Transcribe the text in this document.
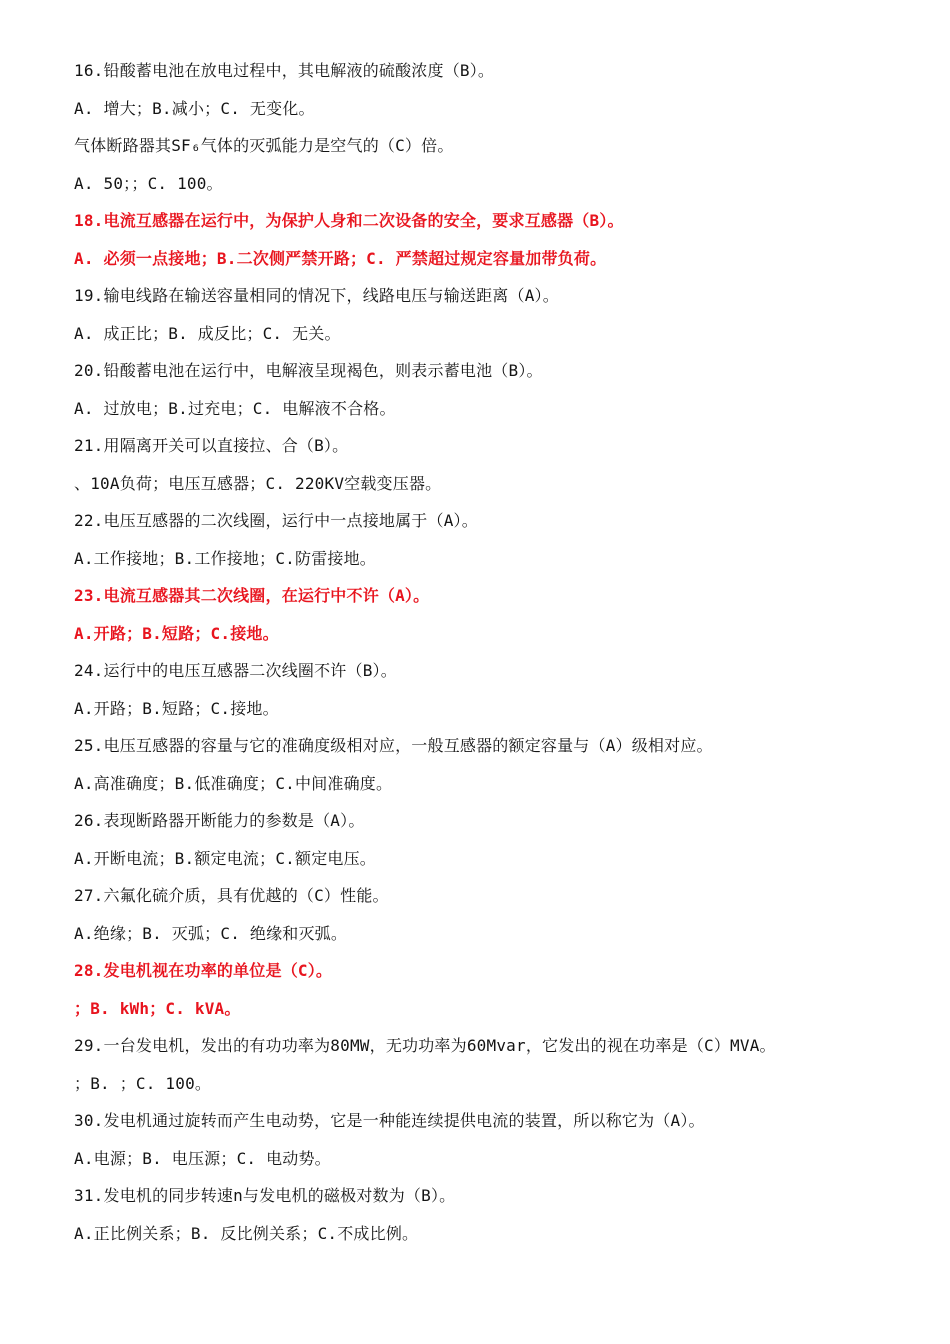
16.铅酸蓄电池在放电过程中，其电解液的硫酸浓度（B）。
A. 增大；B.减小；C. 无变化。
气体断路器其SF₆气体的灭弧能力是空气的（C）倍。
A. 50；；C. 100。
18.电流互感器在运行中，为保护人身和二次设备的安全，要求互感器（B）。
A. 必须一点接地；B.二次侧严禁开路；C. 严禁超过规定容量加带负荷。
19.输电线路在输送容量相同的情况下，线路电压与输送距离（A）。
A. 成正比；B. 成反比；C. 无关。
20.铅酸蓄电池在运行中，电解液呈现褐色，则表示蓄电池（B）。
A. 过放电；B.过充电；C. 电解液不合格。
21.用隔离开关可以直接拉、合（B）。
、10A负荷；电压互感器；C. 220KV空载变压器。
22.电压互感器的二次线圈，运行中一点接地属于（A）。
A.工作接地；B.工作接地；C.防雷接地。
23.电流互感器其二次线圈，在运行中不许（A）。
A.开路；B.短路；C.接地。
24.运行中的电压互感器二次线圈不许（B）。
A.开路；B.短路；C.接地。
25.电压互感器的容量与它的准确度级相对应，一般互感器的额定容量与（A）级相对应。
A.高准确度；B.低准确度；C.中间准确度。
26.表现断路器开断能力的参数是（A）。
A.开断电流；B.额定电流；C.额定电压。
27.六氟化硫介质，具有优越的（C）性能。
A.绝缘；B. 灭弧；C. 绝缘和灭弧。
28.发电机视在功率的单位是（C）。
；B. kWh；C. kVA。
29.一台发电机，发出的有功功率为80MW，无功功率为60Mvar，它发出的视在功率是（C）MVA。
；B. ；C. 100。
30.发电机通过旋转而产生电动势，它是一种能连续提供电流的装置，所以称它为（A）。
A.电源；B. 电压源；C. 电动势。
31.发电机的同步转速n与发电机的磁极对数为（B）。
A.正比例关系；B. 反比例关系；C.不成比例。
